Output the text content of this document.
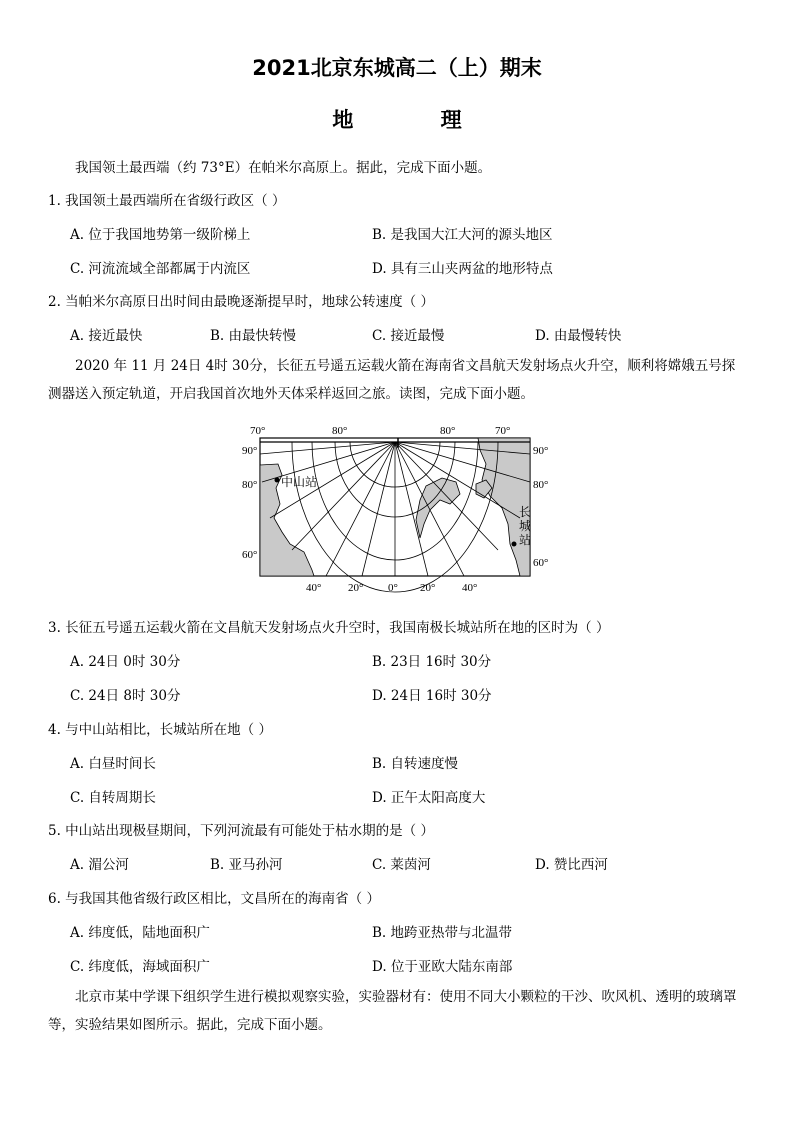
2021北京东城高二（上）期末
地 理
我国领土最西端（约 73°E）在帕米尔高原上。据此，完成下面小题。
1. 我国领土最西端所在省级行政区（ ）
A. 位于我国地势第一级阶梯上	B. 是我国大江大河的源头地区
C. 河流流域全部都属于内流区	D. 具有三山夹两盆的地形特点
2. 当帕米尔高原日出时间由最晚逐渐提早时，地球公转速度（ ）
A. 接近最快	B. 由最快转慢	C. 接近最慢	D. 由最慢转快
2020 年 11 月 24日 4时 30分，长征五号遥五运载火箭在海南省文昌航天发射场点火升空，顺利将嫦娥五号探测器送入预定轨道，开启我国首次地外天体采样返回之旅。读图，完成下面小题。
70°	80°	80°	70°
90°
80°
60°
90°
80°
60°
40° 20° 0° 20° 40°
中山站
长
城
站
3. 长征五号遥五运载火箭在文昌航天发射场点火升空时，我国南极长城站所在地的区时为（ ）
A. 24日 0时 30分	B. 23日 16时 30分
C. 24日 8时 30分	D. 24日 16时 30分
4. 与中山站相比，长城站所在地（ ）
A. 白昼时间长	B. 自转速度慢
C. 自转周期长	D. 正午太阳高度大
5. 中山站出现极昼期间，下列河流最有可能处于枯水期的是（ ）
A. 湄公河	B. 亚马孙河	C. 莱茵河	D. 赞比西河
6. 与我国其他省级行政区相比，文昌所在的海南省（ ）
A. 纬度低，陆地面积广	B. 地跨亚热带与北温带
C. 纬度低，海域面积广	D. 位于亚欧大陆东南部
北京市某中学课下组织学生进行模拟观察实验，实验器材有：使用不同大小颗粒的干沙、吹风机、透明的玻璃罩等，实验结果如图所示。据此，完成下面小题。
